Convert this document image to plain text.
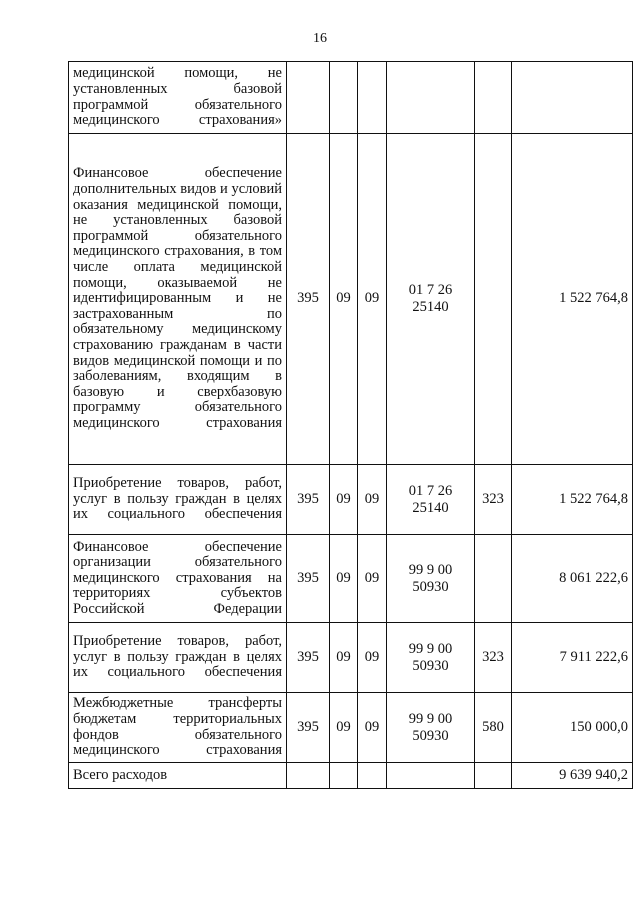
16
медицинской помощи, не установленных базовой программой обязательного медицинского страхования»						

Финансовое обеспечение дополнительных видов и условий оказания медицинской помощи, не установленных базовой программой обязательного медицинского страхования, в том числе оплата медицинской помощи, оказываемой не идентифицированным и не застрахованным по обязательному медицинскому страхованию гражданам в части видов медицинской помощи и по заболеваниям, входящим в базовую и сверхбазовую программу обязательного медицинского страхования	395	09	09	01 7 26 25140		1 522 764,8

Приобретение товаров, работ, услуг в пользу граждан в целях их социального обеспечения	395	09	09	01 7 26 25140	323	1 522 764,8

Финансовое обеспечение организации обязательного медицинского страхования на территориях субъектов Российской Федерации	395	09	09	99 9 00 50930		8 061 222,6

Приобретение товаров, работ, услуг в пользу граждан в целях их социального обеспечения	395	09	09	99 9 00 50930	323	7 911 222,6

Межбюджетные трансферты бюджетам территориальных фондов обязательного медицинского страхования	395	09	09	99 9 00 50930	580	150 000,0
Всего расходов						9 639 940,2
